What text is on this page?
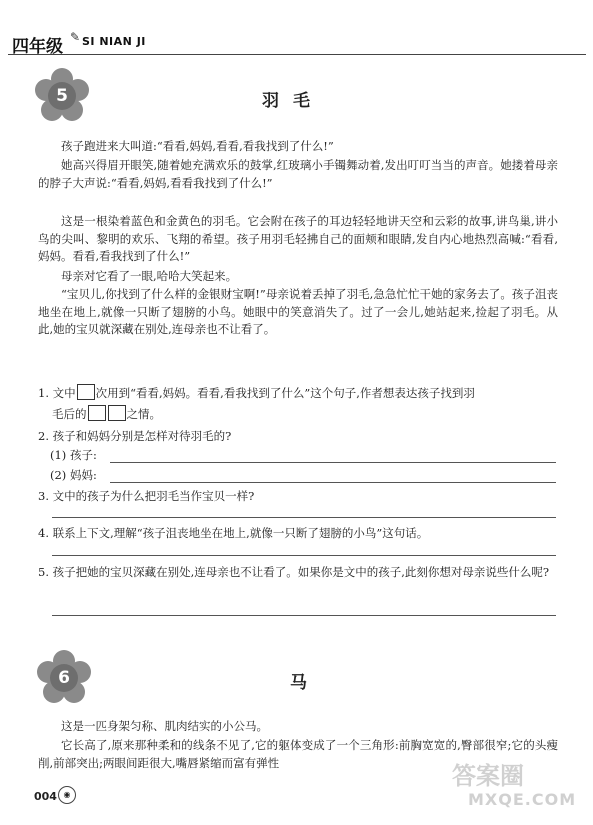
四年级 ✎ SI NIAN JI
5	羽毛

孩子跑进来大叫道:“看看,妈妈,看看,看我找到了什么!”

她高兴得眉开眼笑,随着她充满欢乐的鼓掌,红玻璃小手镯舞动着,发出叮叮当当的声音。她搂着母亲的脖子大声说:“看看,妈妈,看看我找到了什么!”

这是一根染着蓝色和金黄色的羽毛。它会附在孩子的耳边轻轻地讲天空和云彩的故事,讲鸟巢,讲小鸟的尖叫、黎明的欢乐、飞翔的希望。孩子用羽毛轻拂自己的面颊和眼睛,发自内心地热烈高喊:“看看,妈妈。看看,看我找到了什么!”

母亲对它看了一眼,哈哈大笑起来。

“宝贝儿,你找到了什么样的金银财宝啊!”母亲说着丢掉了羽毛,急急忙忙干她的家务去了。孩子沮丧地坐在地上,就像一只断了翅膀的小鸟。她眼中的笑意消失了。过了一会儿,她站起来,捡起了羽毛。从此,她的宝贝就深藏在别处,连母亲也不让看了。

1. 文中 次用到“看看,妈妈。看看,看我找到了什么”这个句子,作者想表达孩子找到羽
毛后的	之情。
2. 孩子和妈妈分别是怎样对待羽毛的?
(1) 孩子:
(2) 妈妈:
3. 文中的孩子为什么把羽毛当作宝贝一样?
4. 联系上下文,理解“孩子沮丧地坐在地上,就像一只断了翅膀的小鸟”这句话。
5. 孩子把她的宝贝深藏在别处,连母亲也不让看了。如果你是文中的孩子,此刻你想对母亲说些什么呢?
6	马

这是一匹身架匀称、肌肉结实的小公马。

它长高了,原来那种柔和的线条不见了,它的躯体变成了一个三角形:前胸宽宽的,臀部很窄;它的头瘦削,前部突出;两眼间距很大,嘴唇紧缩而富有弹性

004 ◉
答案圈
MXQE.COM
